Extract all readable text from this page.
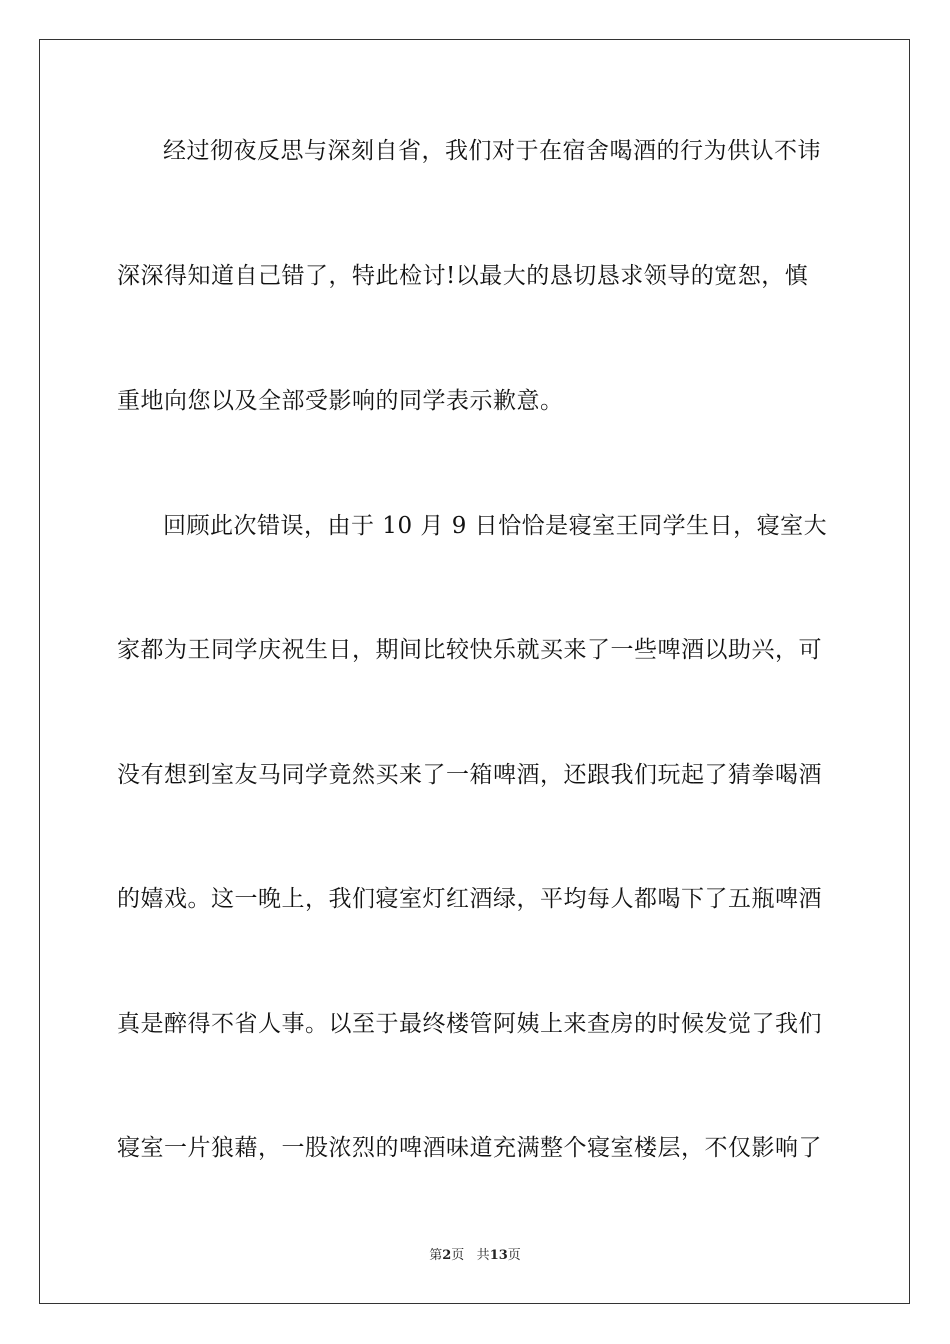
经过彻夜反思与深刻自省，我们对于在宿舍喝酒的行为供认不讳
深深得知道自己错了，特此检讨!以最大的恳切恳求领导的宽恕，慎
重地向您以及全部受影响的同学表示歉意。
回顾此次错误，由于 10 月 9 日恰恰是寝室王同学生日，寝室大
家都为王同学庆祝生日，期间比较快乐就买来了一些啤酒以助兴，可
没有想到室友马同学竟然买来了一箱啤酒，还跟我们玩起了猜拳喝酒
的嬉戏。这一晚上，我们寝室灯红酒绿，平均每人都喝下了五瓶啤酒
真是醉得不省人事。以至于最终楼管阿姨上来查房的时候发觉了我们
寝室一片狼藉，一股浓烈的啤酒味道充满整个寝室楼层，不仅影响了
第2页 共13页
